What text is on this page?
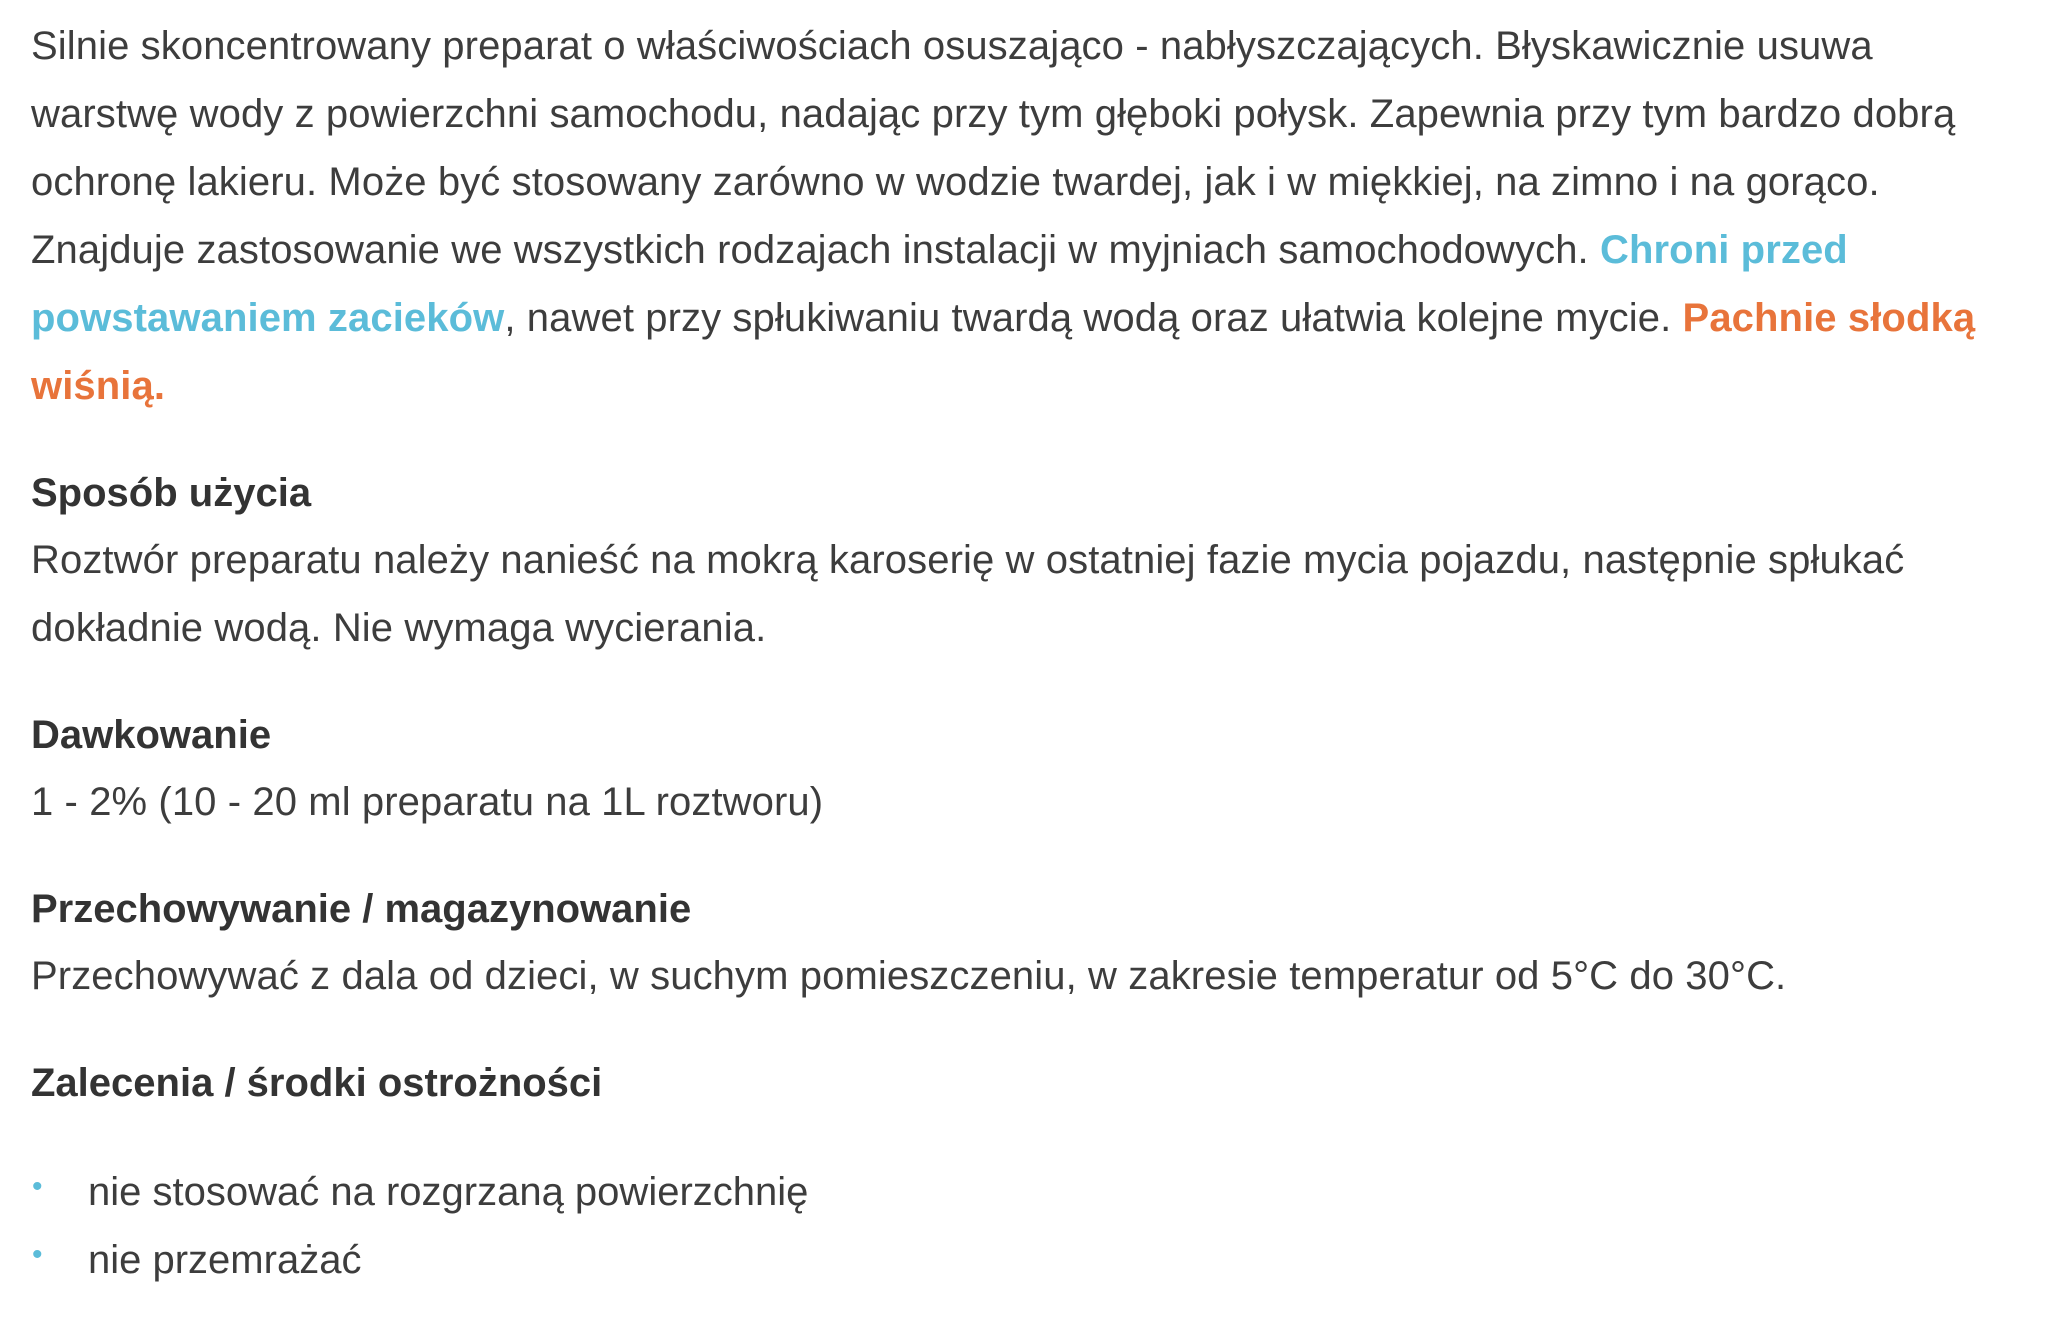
Silnie skoncentrowany preparat o właściwościach osuszająco - nabłyszczających. Błyskawicznie usuwa warstwę wody z powierzchni samochodu, nadając przy tym głęboki połysk. Zapewnia przy tym bardzo dobrą ochronę lakieru. Może być stosowany zarówno w wodzie twardej, jak i w miękkiej, na zimno i na gorąco. Znajduje zastosowanie we wszystkich rodzajach instalacji w myjniach samochodowych. Chroni przed powstawaniem zacieków, nawet przy spłukiwaniu twardą wodą oraz ułatwia kolejne mycie. Pachnie słodką wiśnią.

Sposób użycia

Roztwór preparatu należy nanieść na mokrą karoserię w ostatniej fazie mycia pojazdu, następnie spłukać dokładnie wodą. Nie wymaga wycierania.

Dawkowanie

1 - 2% (10 - 20 ml preparatu na 1L roztworu)

Przechowywanie / magazynowanie

Przechowywać z dala od dzieci, w suchym pomieszczeniu, w zakresie temperatur od 5°C do 30°C.

Zalecenia / środki ostrożności
• nie stosować na rozgrzaną powierzchnię
• nie przemrażać
